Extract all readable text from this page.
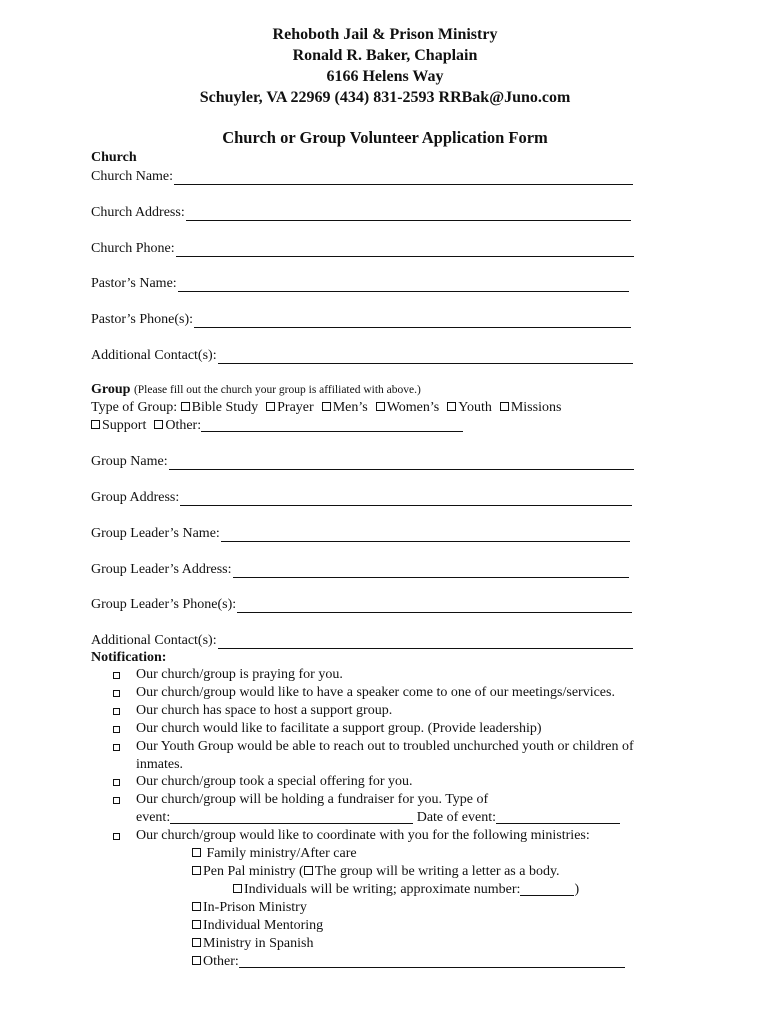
Rehoboth Jail & Prison Ministry
Ronald R. Baker, Chaplain
6166 Helens Way
Schuyler, VA 22969 (434) 831-2593 RRBak@Juno.com
Church or Group Volunteer Application Form
Church
Church Name:
Church Address:
Church Phone:
Pastor’s Name:
Pastor’s Phone(s):
Additional Contact(s):
Group (Please fill out the church your group is affiliated with above.)
Type of Group: Bible Study Prayer Men’s Women’s Youth Missions
Support Other:
Group Name:
Group Address:
Group Leader’s Name:
Group Leader’s Address:
Group Leader’s Phone(s):
Additional Contact(s):
Notification:
Our church/group is praying for you.
Our church/group would like to have a speaker come to one of our meetings/services.
Our church has space to host a support group.
Our church would like to facilitate a support group. (Provide leadership)
Our Youth Group would be able to reach out to troubled unchurched youth or children of
inmates.
Our church/group took a special offering for you.
Our church/group will be holding a fundraiser for you. Type of
event:	Date of event:
Our church/group would like to coordinate with you for the following ministries:
Family ministry/After care
Pen Pal ministry ( The group will be writing a letter as a body.
Individuals will be writing; approximate number:	)
In-Prison Ministry
Individual Mentoring
Ministry in Spanish
Other:
